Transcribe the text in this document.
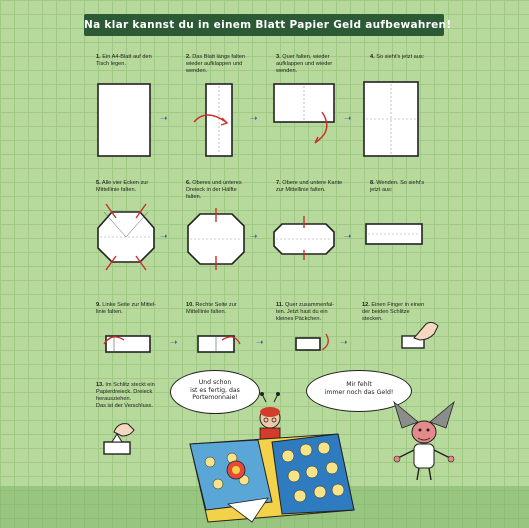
Na klar kannst du in einem Blatt Papier Geld aufbewahren!
1. Ein A4-Blatt auf den
Tisch legen.
➝
2. Das Blatt längs falten
wieder aufklappen und
wenden.
➝
3. Quer falten, wieder
aufklappen und wieder
wenden.
➝
4. So sieht's jetzt aus:
5. Alle vier Ecken zur
Mittellinie falten.
➝
6. Oberes und unteres
Dreieck in der Hälfte
falten.
➝
7. Obere und untere Kante
zur Mittellinie falten.
➝
8. Wenden. So sieht's
jetzt aus:
9. Linke Seite zur Mittel-
linie falten.
➝
10. Rechte Seite zur
Mittellinie falten.
➝
11. Quer zusammenfal-
ten. Jetzt hast du ein
kleines Päckchen.
➝
12. Einen Finger in einen
der beiden Schlitze
stecken.
13. Im Schlitz steckt ein
Papierdreieck. Dreieck
herausziehen.
Das ist der Verschluss.
Und schon
ist es fertig, das
Portemonnaie!
Mir fehlt
immer noch das Geld!
